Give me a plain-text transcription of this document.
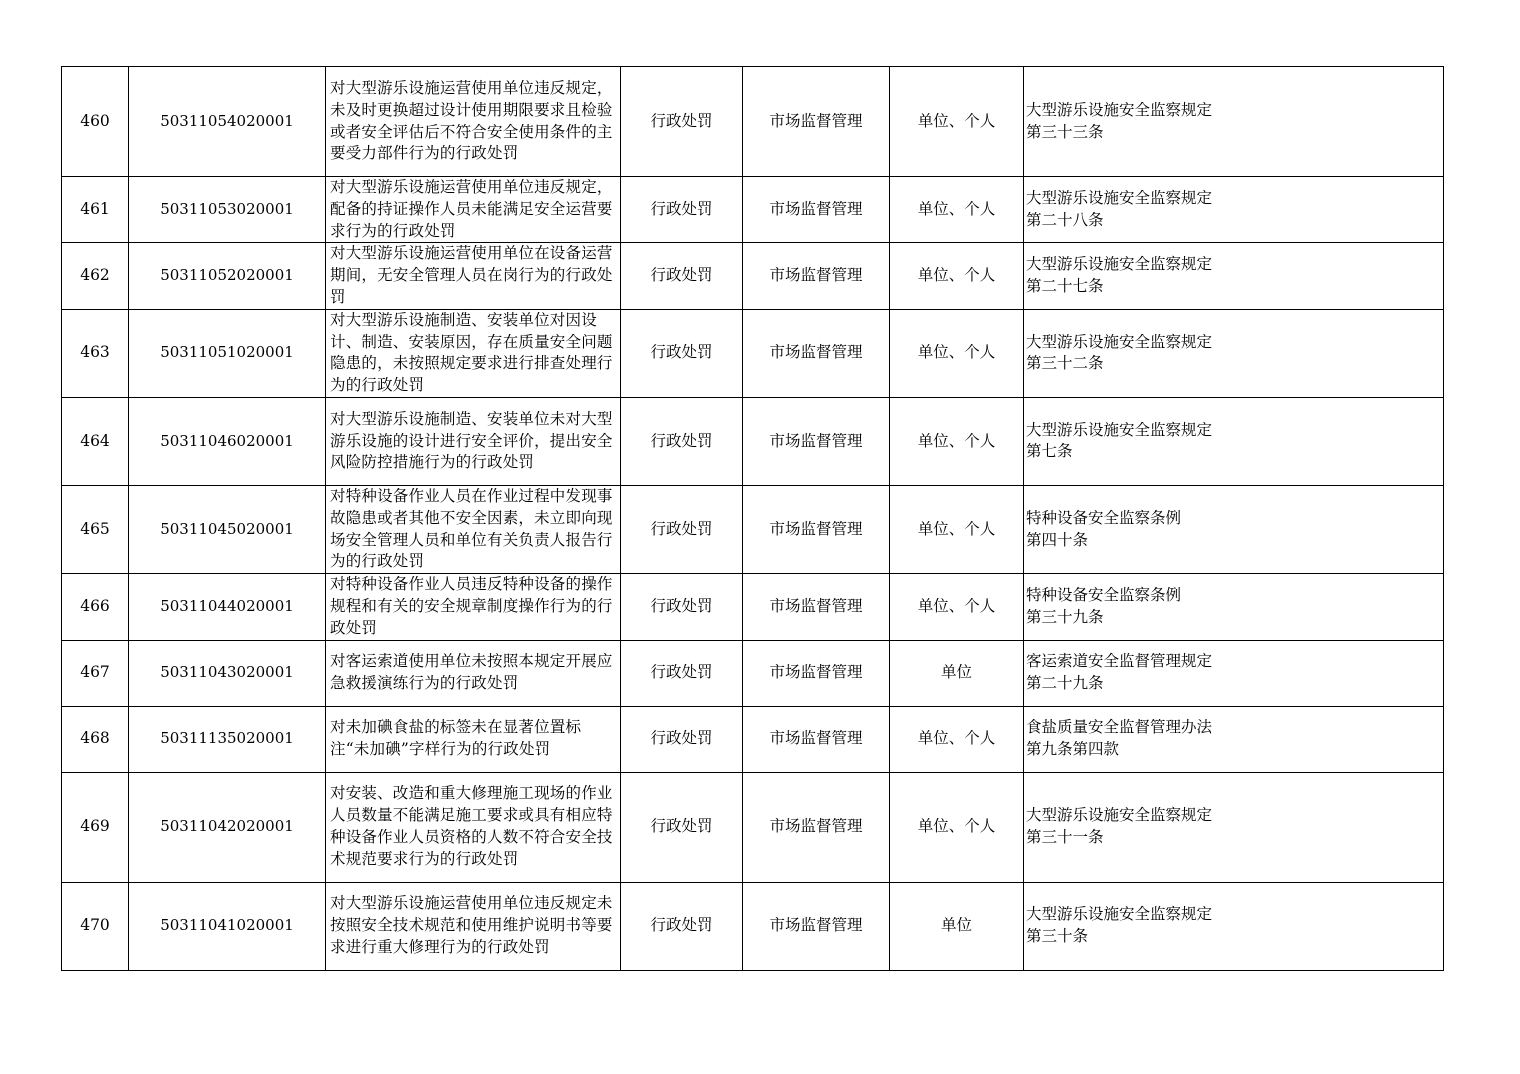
460	50311054020001	对大型游乐设施运营使用单位违反规定，未及时更换超过设计使用期限要求且检验或者安全评估后不符合安全使用条件的主要受力部件行为的行政处罚	行政处罚	市场监督管理	单位、个人	大型游乐设施安全监察规定
第三十三条

461	50311053020001	对大型游乐设施运营使用单位违反规定，配备的持证操作人员未能满足安全运营要求行为的行政处罚	行政处罚	市场监督管理	单位、个人	大型游乐设施安全监察规定
第二十八条

462	50311052020001	对大型游乐设施运营使用单位在设备运营期间，无安全管理人员在岗行为的行政处罚	行政处罚	市场监督管理	单位、个人	大型游乐设施安全监察规定
第二十七条

463	50311051020001	对大型游乐设施制造、安装单位对因设计、制造、安装原因，存在质量安全问题隐患的，未按照规定要求进行排查处理行为的行政处罚	行政处罚	市场监督管理	单位、个人	大型游乐设施安全监察规定
第三十二条

464	50311046020001	对大型游乐设施制造、安装单位未对大型游乐设施的设计进行安全评价，提出安全风险防控措施行为的行政处罚	行政处罚	市场监督管理	单位、个人	大型游乐设施安全监察规定
第七条

465	50311045020001	对特种设备作业人员在作业过程中发现事故隐患或者其他不安全因素，未立即向现场安全管理人员和单位有关负责人报告行为的行政处罚	行政处罚	市场监督管理	单位、个人	特种设备安全监察条例
第四十条

466	50311044020001	对特种设备作业人员违反特种设备的操作规程和有关的安全规章制度操作行为的行政处罚	行政处罚	市场监督管理	单位、个人	特种设备安全监察条例
第三十九条

467	50311043020001	对客运索道使用单位未按照本规定开展应急救援演练行为的行政处罚	行政处罚	市场监督管理	单位	客运索道安全监督管理规定
第二十九条

468	50311135020001	对未加碘食盐的标签未在显著位置标注“未加碘”字样行为的行政处罚	行政处罚	市场监督管理	单位、个人	食盐质量安全监督管理办法
第九条第四款

469	50311042020001	对安装、改造和重大修理施工现场的作业人员数量不能满足施工要求或具有相应特种设备作业人员资格的人数不符合安全技术规范要求行为的行政处罚	行政处罚	市场监督管理	单位、个人	大型游乐设施安全监察规定
第三十一条

470	50311041020001	对大型游乐设施运营使用单位违反规定未按照安全技术规范和使用维护说明书等要求进行重大修理行为的行政处罚	行政处罚	市场监督管理	单位	大型游乐设施安全监察规定
第三十条
